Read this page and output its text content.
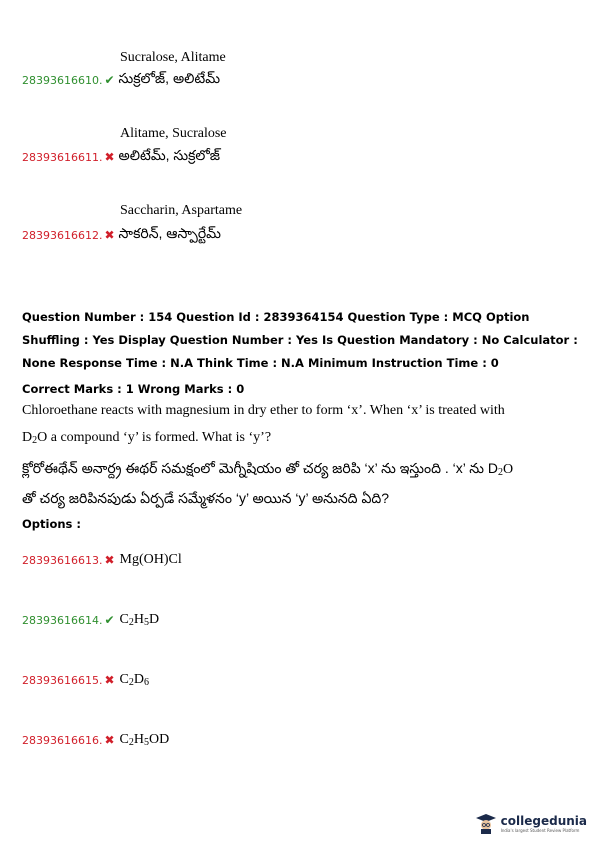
Sucralose, Alitame
28393616610. ✔ సుక్రలోజ్, అలిటేమ్
Alitame, Sucralose
28393616611. ✖ అలిటేమ్, సుక్రలోజ్
Saccharin, Aspartame
28393616612. ✖ సాకరిన్, ఆస్పార్టేమ్
Question Number : 154 Question Id : 2839364154 Question Type : MCQ Option Shuffling : Yes Display Question Number : Yes Is Question Mandatory : No Calculator : None Response Time : N.A Think Time : N.A Minimum Instruction Time : 0
Correct Marks : 1 Wrong Marks : 0
Chloroethane reacts with magnesium in dry ether to form ‘x’. When ‘x’ is treated with
$D_2O$ a compound ‘y’ is formed. What is ‘y’?
క్లోరోఈథేన్ అనార్ద్ర ఈథర్ సమక్షంలో మెగ్నీషియం తో చర్య జరిపి ‘x’ ను ఇస్తుంది . ‘x’ ను $D_2O$
తో చర్య జరిపినపుడు ఏర్పడే సమ్మేళనం ‘y’ అయిన ‘y’ అనునది ఏది?
Options :
28393616613. ✖ Mg(OH)Cl
28393616614. ✔ $C_2H_5D$
28393616615. ✖ $C_2D_6$
28393616616. ✖ $C_2H_5OD$
collegedunia
India's largest Student Review Platform
